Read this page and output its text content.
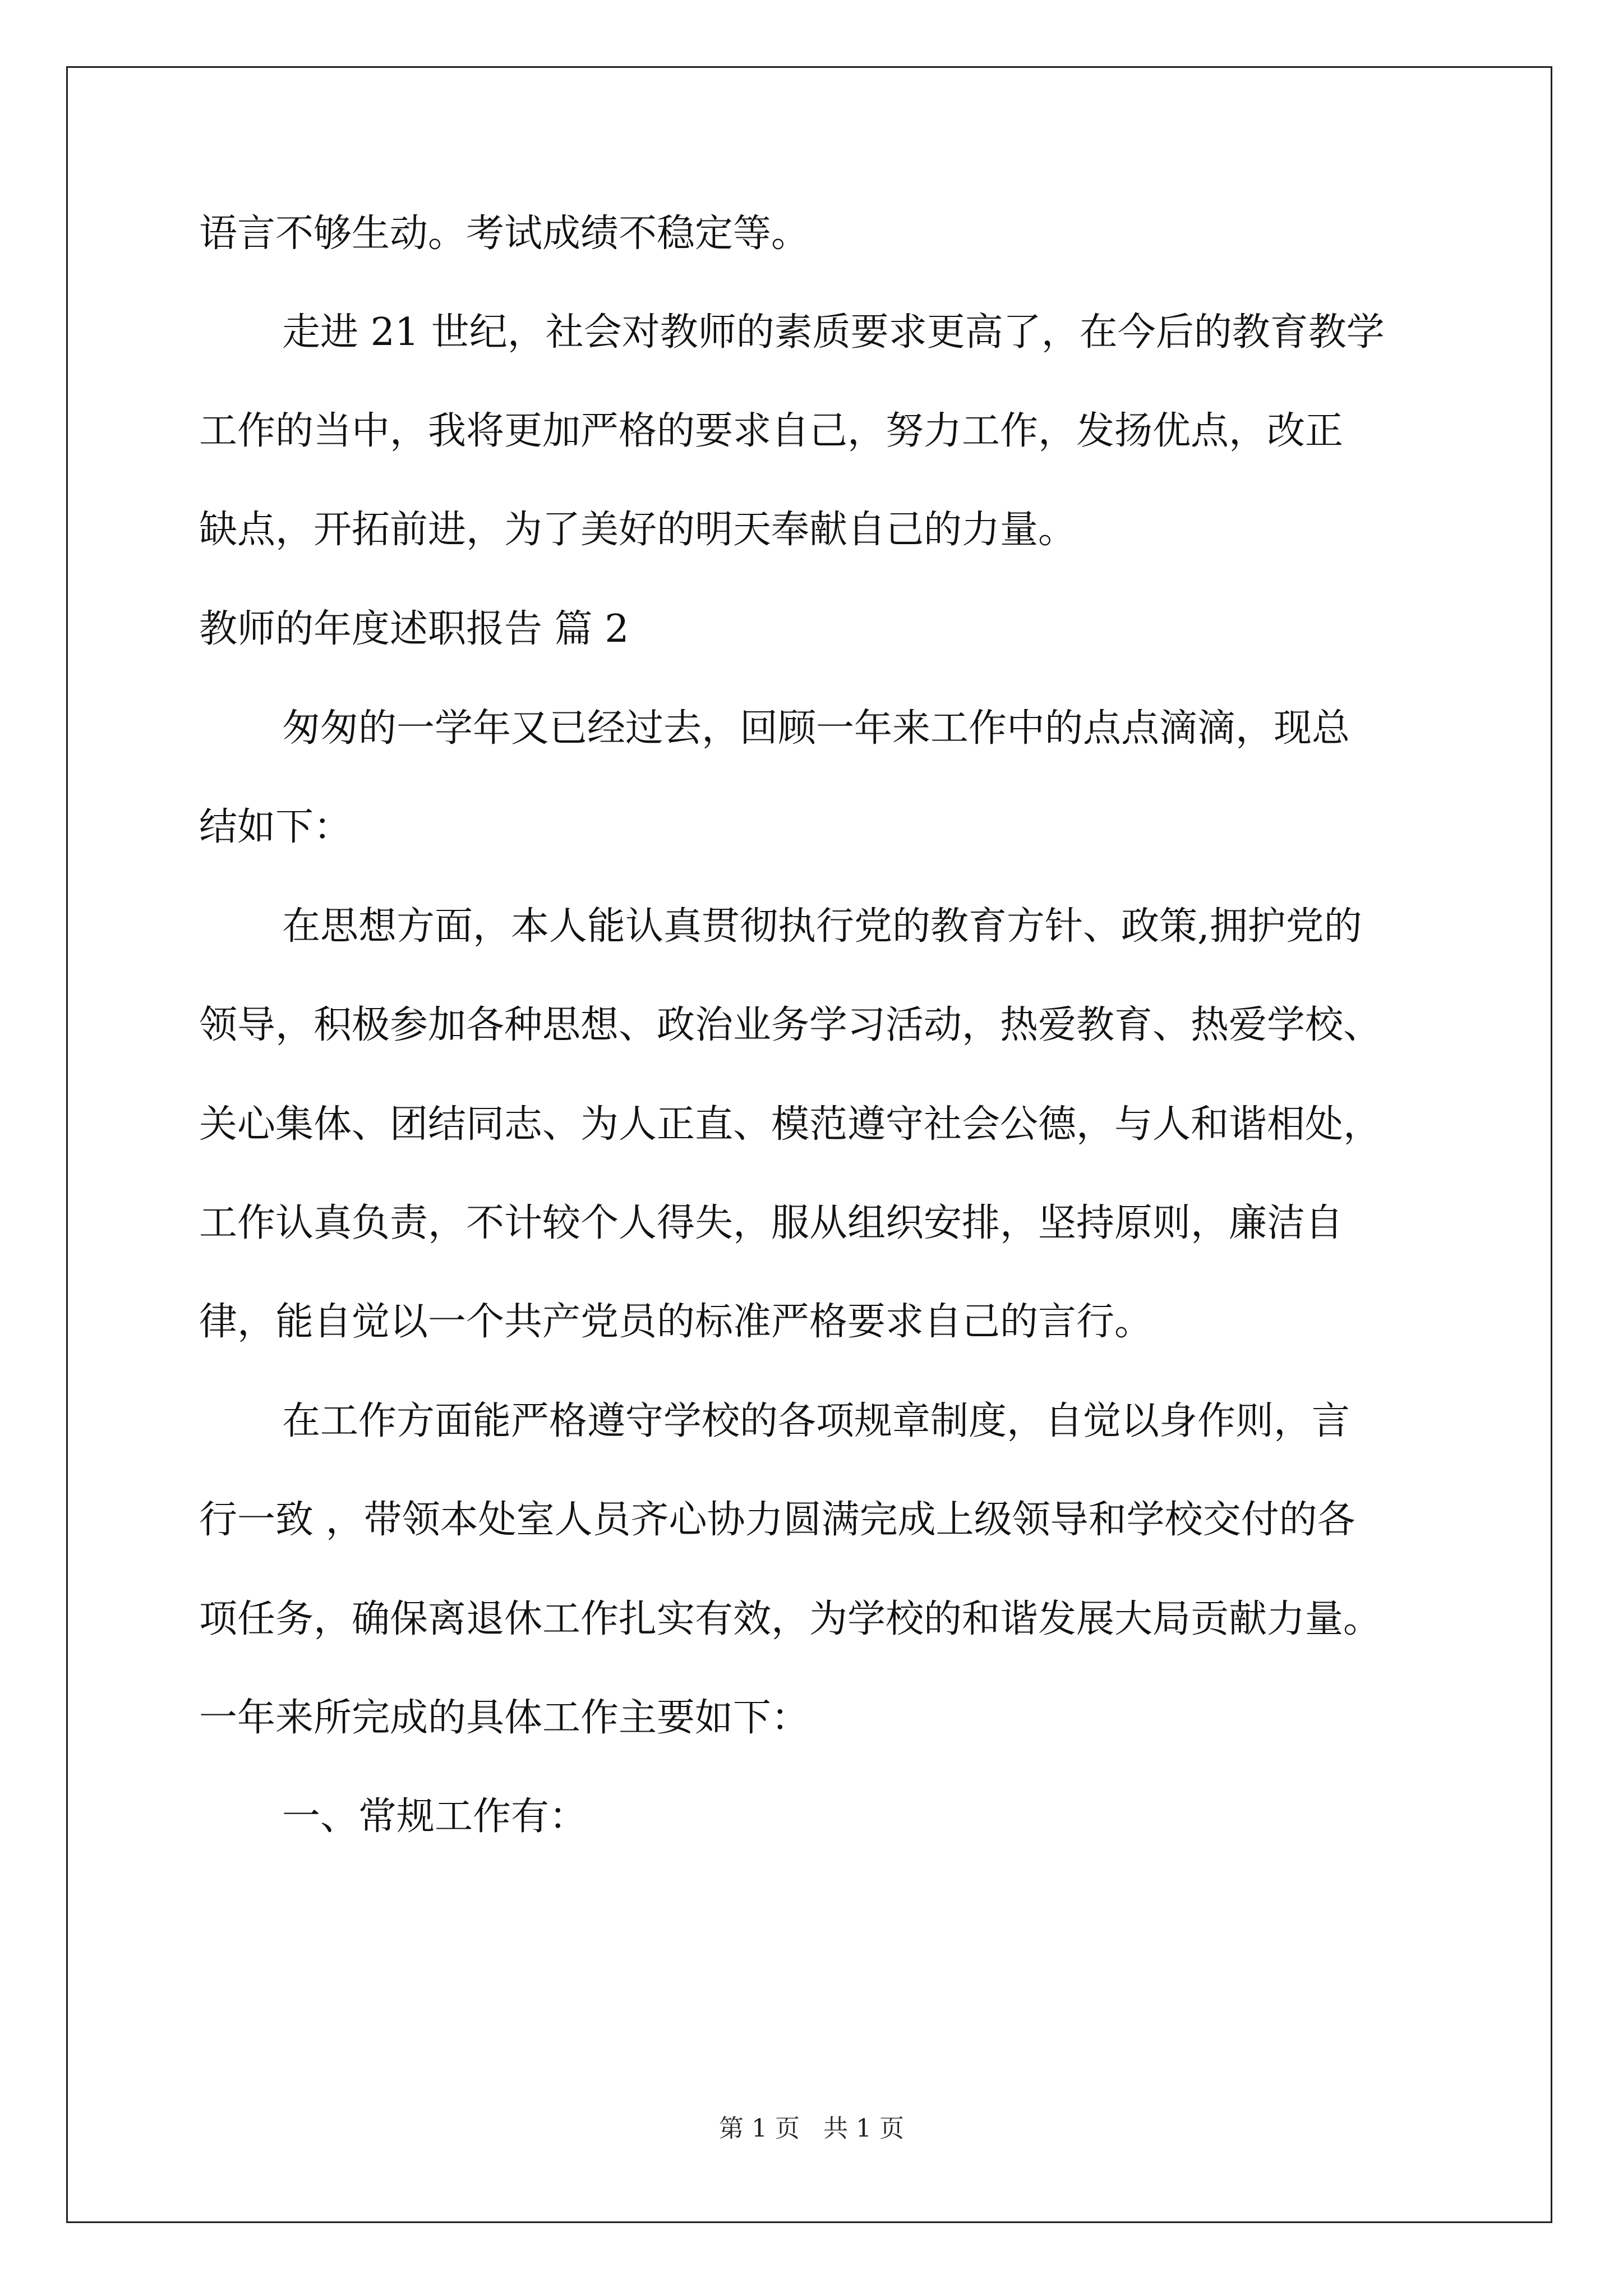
语言不够生动。考试成绩不稳定等。
走进 21 世纪，社会对教师的素质要求更高了，在今后的教育教学
工作的当中，我将更加严格的要求自己，努力工作，发扬优点，改正
缺点，开拓前进，为了美好的明天奉献自己的力量。
教师的年度述职报告 篇 2
匆匆的一学年又已经过去，回顾一年来工作中的点点滴滴，现总
结如下：
在思想方面，本人能认真贯彻执行党的教育方针、政策,拥护党的
领导，积极参加各种思想、政治业务学习活动，热爱教育、热爱学校、
关心集体、团结同志、为人正直、模范遵守社会公德，与人和谐相处，
工作认真负责，不计较个人得失，服从组织安排，坚持原则，廉洁自
律，能自觉以一个共产党员的标准严格要求自己的言行。
在工作方面能严格遵守学校的各项规章制度，自觉以身作则，言
行一致 ，带领本处室人员齐心协力圆满完成上级领导和学校交付的各
项任务，确保离退休工作扎实有效，为学校的和谐发展大局贡献力量。
一年来所完成的具体工作主要如下：
一、常规工作有：
第 1 页   共 1 页
